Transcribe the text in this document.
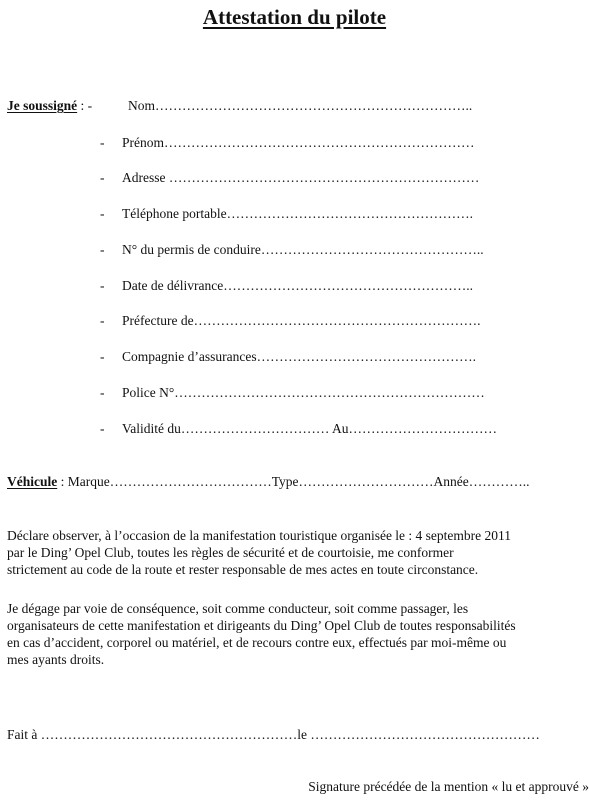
Attestation du pilote
Je soussigné : -	Nom……………………………………………………………..
- Prénom……………………………………………………………
- Adresse ……………………………………………………………
- Téléphone portable……………………………………………….
- N° du permis de conduire…………………………………………..
- Date de délivrance………………………………………………..
- Préfecture de……………………………………………………….
- Compagnie d’assurances………………………………………….
- Police N°……………………………………………………………
- Validité du…………………………… Au……………………………
Véhicule : Marque………………………………Type…………………………Année…………..
Déclare observer, à l’occasion de la manifestation touristique organisée le : 4 septembre 2011
par le Ding’ Opel Club, toutes les règles de sécurité et de courtoisie, me conformer
strictement au code de la route et rester responsable de mes actes en toute circonstance.
Je dégage par voie de conséquence, soit comme conducteur, soit comme passager, les
organisateurs de cette manifestation et dirigeants du Ding’ Opel Club de toutes responsabilités
en cas d’accident, corporel ou matériel, et de recours contre eux, effectués par moi-même ou
mes ayants droits.
Fait à …………………………………………………le ……………………………………………
Signature précédée de la mention « lu et approuvé »
